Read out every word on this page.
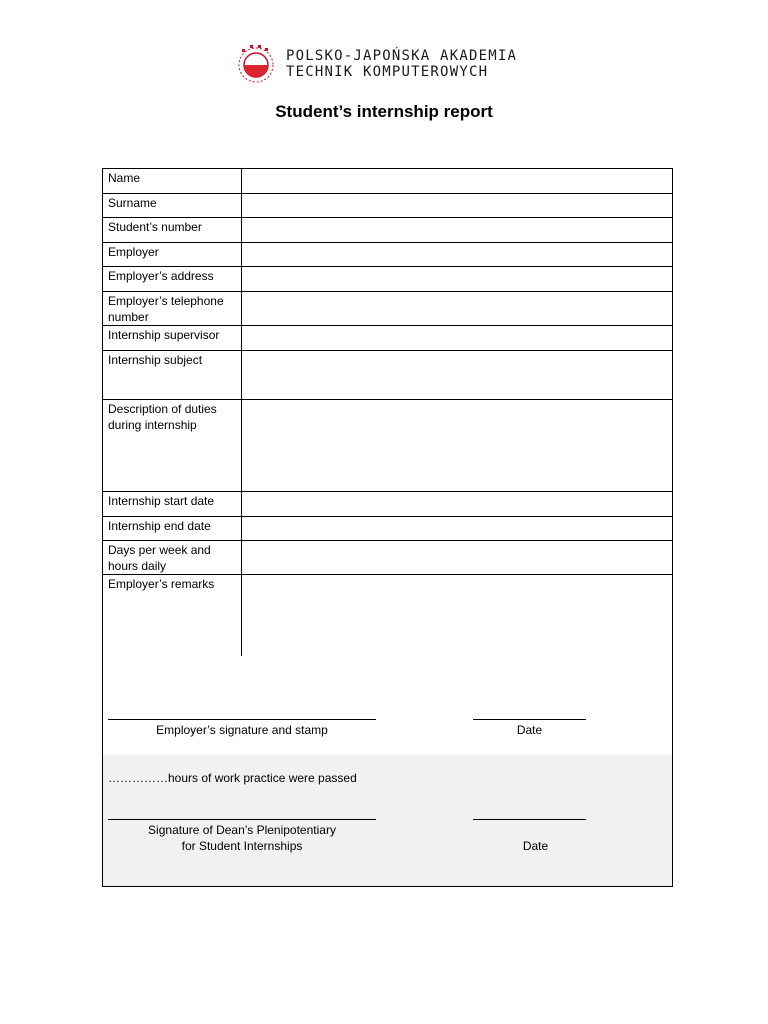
POLSKO-JAPOŃSKA AKADEMIA
TECHNIK KOMPUTEROWYCH
Student’s internship report
Name	
Surname	
Student’s number	
Employer	
Employer’s address	
Employer’s telephone number	
Internship supervisor	
Internship subject	
Description of duties during internship	
Internship start date	
Internship end date	
Days per week and hours daily	
Employer’s remarks	
Employer’s signature and stamp	Date
……………hours of work practice were passed
Signature of Dean’s Plenipotentiary
for Student Internships	Date
